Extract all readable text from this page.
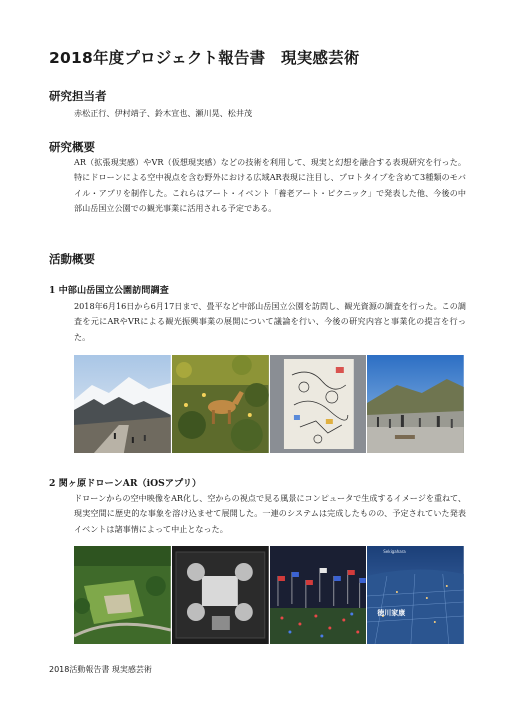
2018年度プロジェクト報告書　現実感芸術
研究担当者
赤松正行、伊村靖子、鈴木宣也、瀬川晃、松井茂
研究概要
AR（拡張現実感）やVR（仮想現実感）などの技術を利用して、現実と幻想を融合する表現研究を行った。特にドローンによる空中視点を含む野外における広域AR表現に注目し、プロトタイプを含めて3種類のモバイル・アプリを制作した。これらはアート・イベント「養老アート・ピクニック」で発表した他、今後の中部山岳国立公園での観光事業に活用される予定である。
活動概要
1 中部山岳国立公園訪問調査
2018年6月16日から6月17日まで、畳平など中部山岳国立公園を訪問し、観光資源の調査を行った。この調査を元にARやVRによる観光振興事業の展開について議論を行い、今後の研究内容と事業化の提言を行った。
2 関ヶ原ドローンAR（iOSアプリ）
ドローンからの空中映像をAR化し、空からの視点で見る風景にコンピュータで生成するイメージを重ねて、現実空間に歴史的な事象を溶け込ませて展開した。一連のシステムは完成したものの、予定されていた発表イベントは諸事情によって中止となった。
徳川家康
Sekigahara
2018活動報告書 現実感芸術
